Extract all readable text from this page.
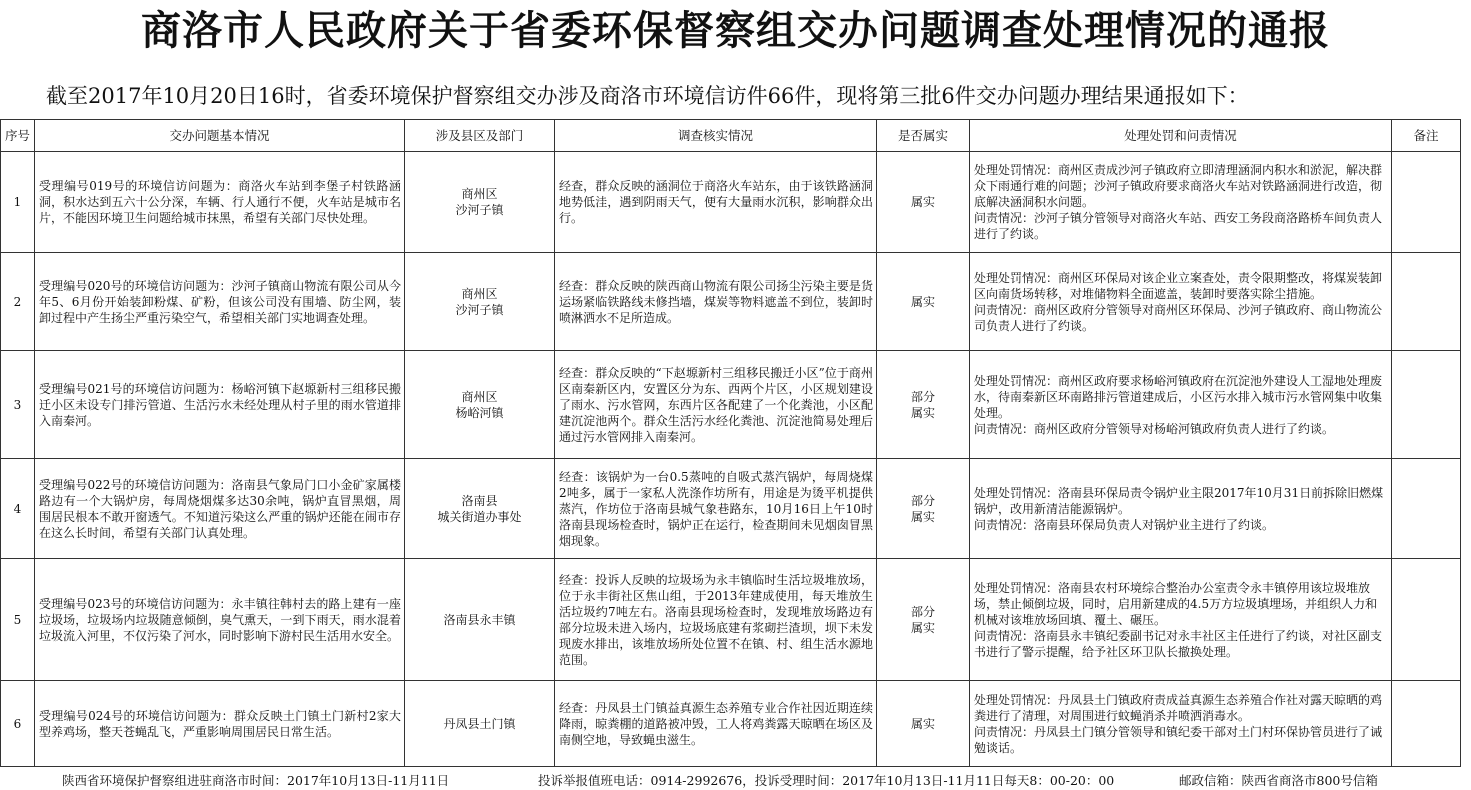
商洛市人民政府关于省委环保督察组交办问题调查处理情况的通报
截至2017年10月20日16时，省委环境保护督察组交办涉及商洛市环境信访件66件，现将第三批6件交办问题办理结果通报如下：
序号	交办问题基本情况	涉及县区及部门	调查核实情况	是否属实	处理处罚和问责情况	备注
1	受理编号019号的环境信访问题为：商洛火车站到李堡子村铁路涵洞，积水达到五六十公分深，车辆、行人通行不便，火车站是城市名片，不能因环境卫生问题给城市抹黑，希望有关部门尽快处理。	商州区
沙河子镇	经查，群众反映的涵洞位于商洛火车站东，由于该铁路涵洞地势低洼，遇到阴雨天气，便有大量雨水沉积，影响群众出行。	属实	处理处罚情况：商州区责成沙河子镇政府立即清理涵洞内积水和淤泥，解决群众下雨通行难的问题；沙河子镇政府要求商洛火车站对铁路涵洞进行改造，彻底解决涵洞积水问题。
问责情况：沙河子镇分管领导对商洛火车站、西安工务段商洛路桥车间负责人进行了约谈。	

2	受理编号020号的环境信访问题为：沙河子镇商山物流有限公司从今年5、6月份开始装卸粉煤、矿粉，但该公司没有围墙、防尘网，装卸过程中产生扬尘严重污染空气，希望相关部门实地调查处理。	商州区
沙河子镇	经查：群众反映的陕西商山物流有限公司扬尘污染主要是货运场紧临铁路线未修挡墙，煤炭等物料遮盖不到位，装卸时喷淋洒水不足所造成。	属实	处理处罚情况：商州区环保局对该企业立案查处，责令限期整改，将煤炭装卸区向南货场转移，对堆储物料全面遮盖，装卸时要落实除尘措施。
问责情况：商州区政府分管领导对商州区环保局、沙河子镇政府、商山物流公司负责人进行了约谈。	

3	受理编号021号的环境信访问题为：杨峪河镇下赵塬新村三组移民搬迁小区未设专门排污管道、生活污水未经处理从村子里的雨水管道排入南秦河。	商州区
杨峪河镇	经查：群众反映的“下赵塬新村三组移民搬迁小区”位于商州区南秦新区内，安置区分为东、西两个片区，小区规划建设了雨水、污水管网，东西片区各配建了一个化粪池，小区配建沉淀池两个。群众生活污水经化粪池、沉淀池简易处理后通过污水管网排入南秦河。	部分
属实	处理处罚情况：商州区政府要求杨峪河镇政府在沉淀池外建设人工湿地处理废水，待南秦新区环南路排污管道建成后，小区污水排入城市污水管网集中收集处理。
问责情况：商州区政府分管领导对杨峪河镇政府负责人进行了约谈。	

4	受理编号022号的环境信访问题为：洛南县气象局门口小金矿家属楼路边有一个大锅炉房，每周烧烟煤多达30余吨，锅炉直冒黑烟，周围居民根本不敢开窗透气。不知道污染这么严重的锅炉还能在闹市存在这么长时间，希望有关部门认真处理。	洛南县
城关街道办事处	经查：该锅炉为一台0.5蒸吨的自吸式蒸汽锅炉，每周烧煤2吨多，属于一家私人洗涤作坊所有，用途是为烫平机提供蒸汽，作坊位于洛南县城气象巷路东，10月16日上午10时洛南县现场检查时，锅炉正在运行，检查期间未见烟囱冒黑烟现象。	部分
属实	处理处罚情况：洛南县环保局责令锅炉业主限2017年10月31日前拆除旧燃煤锅炉，改用新清洁能源锅炉。
问责情况：洛南县环保局负责人对锅炉业主进行了约谈。	

5	受理编号023号的环境信访问题为：永丰镇往韩村去的路上建有一座垃圾场，垃圾场内垃圾随意倾倒，臭气熏天，一到下雨天，雨水混着垃圾流入河里，不仅污染了河水，同时影响下游村民生活用水安全。	洛南县永丰镇	经查：投诉人反映的垃圾场为永丰镇临时生活垃圾堆放场，位于永丰街社区焦山组，于2013年建成使用，每天堆放生活垃圾约7吨左右。洛南县现场检查时，发现堆放场路边有部分垃圾未进入场内，垃圾场底建有浆砌拦渣坝，坝下未发现废水排出，该堆放场所处位置不在镇、村、组生活水源地范围。	部分
属实	处理处罚情况：洛南县农村环境综合整治办公室责令永丰镇停用该垃圾堆放场，禁止倾倒垃圾，同时，启用新建成的4.5万方垃圾填埋场，并组织人力和机械对该堆放场回填、覆土、碾压。
问责情况：洛南县永丰镇纪委副书记对永丰社区主任进行了约谈，对社区副支书进行了警示提醒，给予社区环卫队长撤换处理。	

6	受理编号024号的环境信访问题为：群众反映土门镇土门新村2家大型养鸡场，整天苍蝇乱飞，严重影响周围居民日常生活。	丹凤县土门镇	经查：丹凤县土门镇益真源生态养殖专业合作社因近期连续降雨，晾粪棚的道路被冲毁，工人将鸡粪露天晾晒在场区及南侧空地，导致蝇虫滋生。	属实	处理处罚情况：丹凤县土门镇政府责成益真源生态养殖合作社对露天晾晒的鸡粪进行了清理，对周围进行蚊蝇消杀并喷洒消毒水。
问责情况：丹凤县土门镇分管领导和镇纪委干部对土门村环保协管员进行了诫勉谈话。	

陕西省环境保护督察组进驻商洛市时间：2017年10月13日-11月11日	投诉举报值班电话：0914-2992676，投诉受理时间：2017年10月13日-11月11日每天8：00-20：00	邮政信箱：陕西省商洛市800号信箱
